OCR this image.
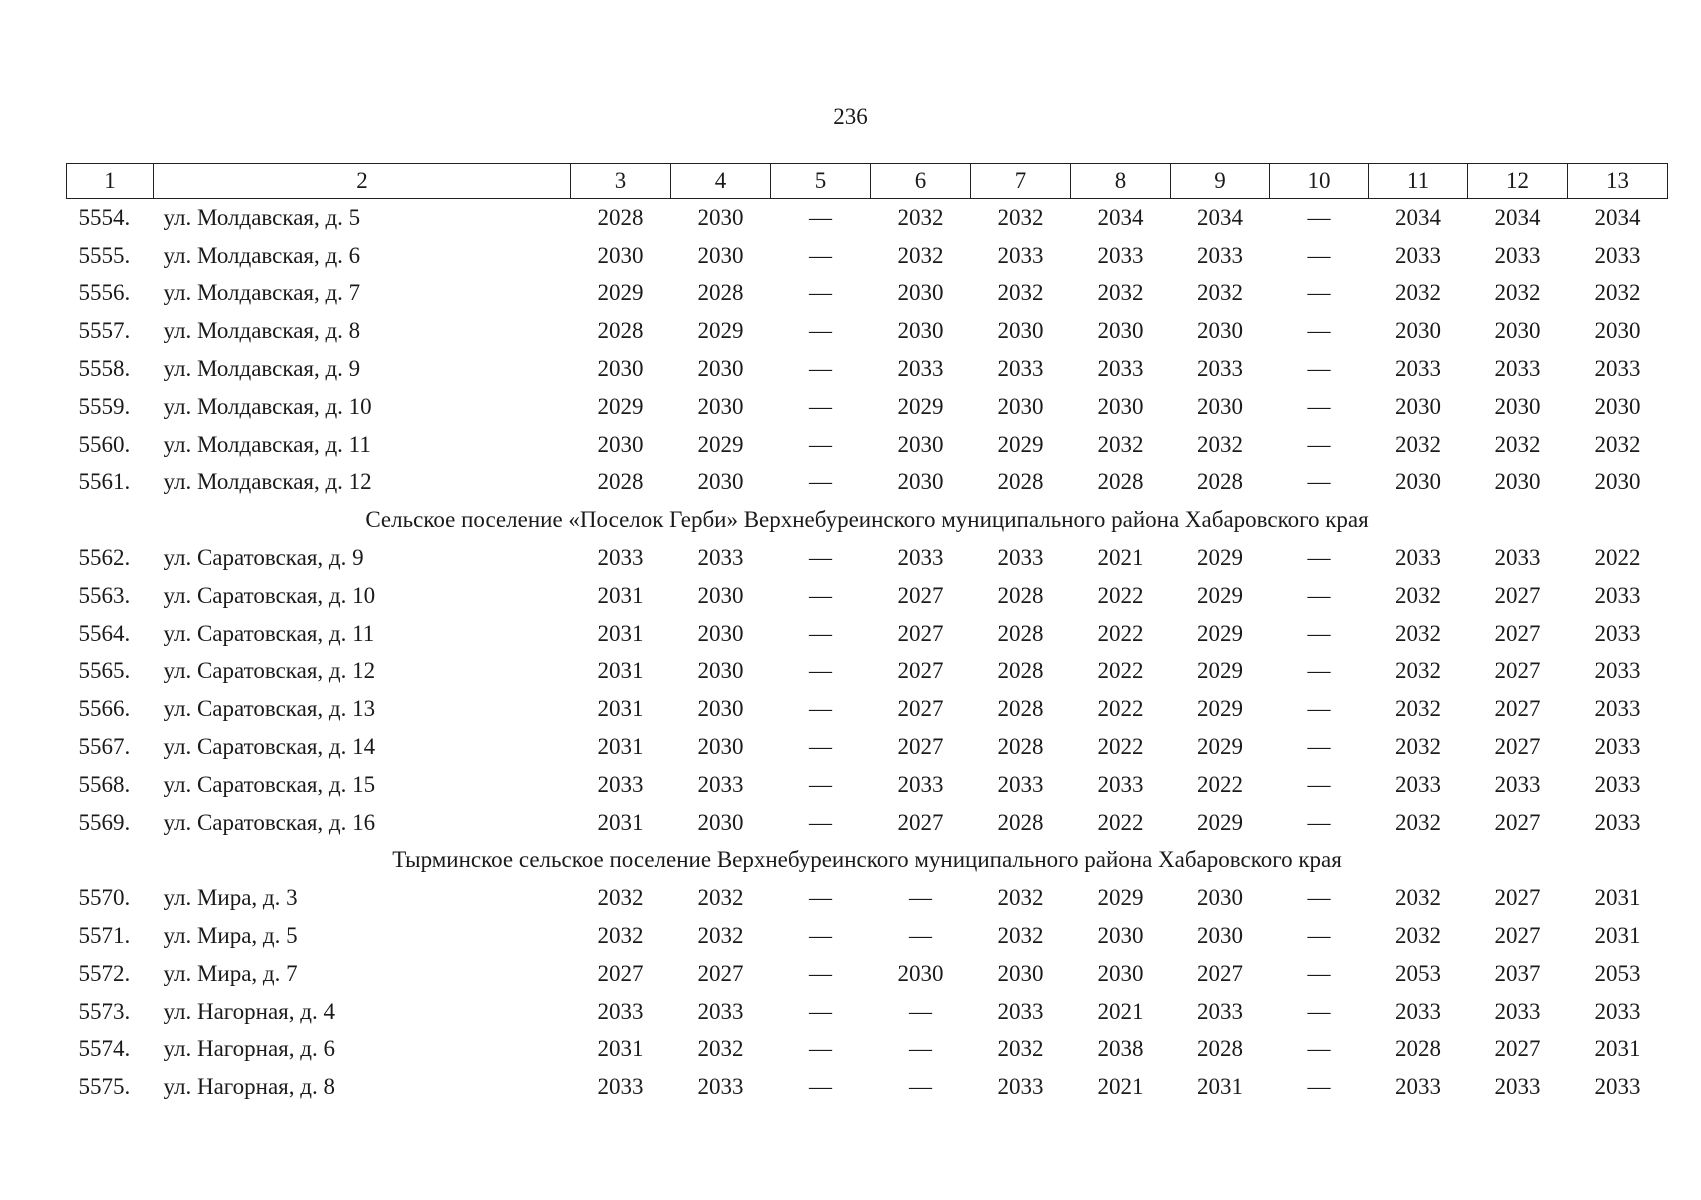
236
1	2	3	4	5	6	7	8	9	10	11	12	13
5554.	ул. Молдавская, д. 5	2028	2030	—	2032	2032	2034	2034	—	2034	2034	2034
5555.	ул. Молдавская, д. 6	2030	2030	—	2032	2033	2033	2033	—	2033	2033	2033
5556.	ул. Молдавская, д. 7	2029	2028	—	2030	2032	2032	2032	—	2032	2032	2032
5557.	ул. Молдавская, д. 8	2028	2029	—	2030	2030	2030	2030	—	2030	2030	2030
5558.	ул. Молдавская, д. 9	2030	2030	—	2033	2033	2033	2033	—	2033	2033	2033
5559.	ул. Молдавская, д. 10	2029	2030	—	2029	2030	2030	2030	—	2030	2030	2030
5560.	ул. Молдавская, д. 11	2030	2029	—	2030	2029	2032	2032	—	2032	2032	2032
5561.	ул. Молдавская, д. 12	2028	2030	—	2030	2028	2028	2028	—	2030	2030	2030
Сельское поселение «Поселок Герби» Верхнебуреинского муниципального района Хабаровского края												
5562.	ул. Саратовская, д. 9	2033	2033	—	2033	2033	2021	2029	—	2033	2033	2022
5563.	ул. Саратовская, д. 10	2031	2030	—	2027	2028	2022	2029	—	2032	2027	2033
5564.	ул. Саратовская, д. 11	2031	2030	—	2027	2028	2022	2029	—	2032	2027	2033
5565.	ул. Саратовская, д. 12	2031	2030	—	2027	2028	2022	2029	—	2032	2027	2033
5566.	ул. Саратовская, д. 13	2031	2030	—	2027	2028	2022	2029	—	2032	2027	2033
5567.	ул. Саратовская, д. 14	2031	2030	—	2027	2028	2022	2029	—	2032	2027	2033
5568.	ул. Саратовская, д. 15	2033	2033	—	2033	2033	2033	2022	—	2033	2033	2033
5569.	ул. Саратовская, д. 16	2031	2030	—	2027	2028	2022	2029	—	2032	2027	2033
Тырминское сельское поселение Верхнебуреинского муниципального района Хабаровского края												
5570.	ул. Мира, д. 3	2032	2032	—	—	2032	2029	2030	—	2032	2027	2031
5571.	ул. Мира, д. 5	2032	2032	—	—	2032	2030	2030	—	2032	2027	2031
5572.	ул. Мира, д. 7	2027	2027	—	2030	2030	2030	2027	—	2053	2037	2053
5573.	ул. Нагорная, д. 4	2033	2033	—	—	2033	2021	2033	—	2033	2033	2033
5574.	ул. Нагорная, д. 6	2031	2032	—	—	2032	2038	2028	—	2028	2027	2031
5575.	ул. Нагорная, д. 8	2033	2033	—	—	2033	2021	2031	—	2033	2033	2033
